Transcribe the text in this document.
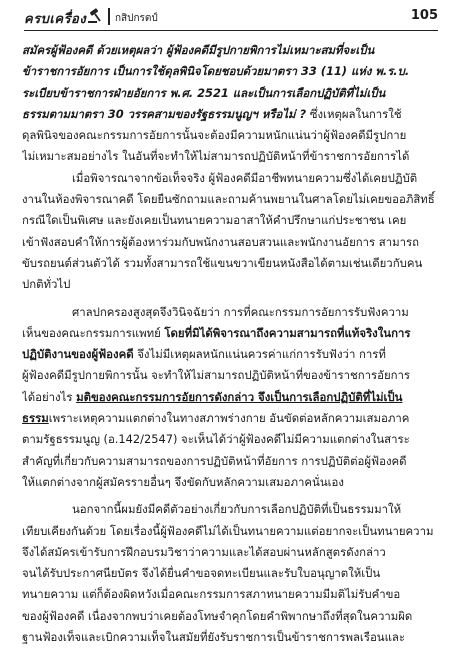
ครบเครื่อง	กสิปกรตป์	105
สมัครผู้ฟ้องคดี ด้วยเหตุผลว่า ผู้ฟ้องคดีมีรูปกายพิการไม่เหมาะสมที่จะเป็น
ข้าราชการอัยการ เป็นการใช้ดุลพินิจโดยชอบด้วยมาตรา 33 (11) แห่ง พ.ร.บ.
ระเบียบข้าราชการฝ่ายอัยการ พ.ศ. 2521 และเป็นการเลือกปฏิบัติที่ไม่เป็น
ธรรมตามมาตรา 30 วรรคสามของรัฐธรรมนูญฯ หรือไม่ ? ซึ่งเหตุผลในการใช้
ดุลพินิจของคณะกรรมการอัยการนั้นจะต้องมีความหนักแน่นว่าผู้ฟ้องคดีมีรูปกาย
ไม่เหมาะสมอย่างไร ในอันที่จะทำให้ไม่สามารถปฏิบัติหน้าที่ข้าราชการอัยการได้
เมื่อพิจารณาจากข้อเท็จจริง ผู้ฟ้องคดีมีอาชีพทนายความซึ่งได้เคยปฏิบัติ
งานในห้องพิจารณาคดี โดยยืนซักถามและถามค้านพยานในศาลโดยไม่เคยขออภิสิทธิ์
กรณีใดเป็นพิเศษ และยังเคยเป็นทนายความอาสาให้คำปรึกษาแก่ประชาชน เคย
เข้าฟังสอบคำให้การผู้ต้องหาร่วมกับพนักงานสอบสวนและพนักงานอัยการ สามารถ
ขับรถยนต์ส่วนตัวได้ รวมทั้งสามารถใช้แขนขวาเขียนหนังสือได้ตามเช่นเดียวกับคน
ปกติทั่วไป
ศาลปกครองสูงสุดจึงวินิจฉัยว่า การที่คณะกรรมการอัยการรับฟังความ
เห็นของคณะกรรมการแพทย์ โดยที่มิได้พิจารณาถึงความสามารถที่แท้จริงในการ
ปฏิบัติงานของผู้ฟ้องคดี จึงไม่มีเหตุผลหนักแน่นควรค่าแก่การรับฟังว่า การที่
ผู้ฟ้องคดีมีรูปกายพิการนั้น จะทำให้ไม่สามารถปฏิบัติหน้าที่ของข้าราชการอัยการ
ได้อย่างไร มติของคณะกรรมการอัยการดังกล่าว จึงเป็นการเลือกปฏิบัติที่ไม่เป็น
ธรรมเพราะเหตุความแตกต่างในทางสภาพร่างกาย อันขัดต่อหลักความเสมอภาค
ตามรัฐธรรมนูญ (อ.142/2547) จะเห็นได้ว่าผู้ฟ้องคดีไม่มีความแตกต่างในสาระ
สำคัญที่เกี่ยวกับความสามารถของการปฏิบัติหน้าที่อัยการ การปฏิบัติต่อผู้ฟ้องคดี
ให้แตกต่างจากผู้สมัครรายอื่นๆ จึงขัดกับหลักความเสมอภาคนั่นเอง
นอกจากนี้ผมยังมีคดีตัวอย่างเกี่ยวกับการเลือกปฏิบัติที่เป็นธรรมมาให้
เทียบเคียงกันด้วย โดยเรื่องนี้ผู้ฟ้องคดีไม่ได้เป็นทนายความแต่อยากจะเป็นทนายความ
จึงได้สมัครเข้ารับการฝึกอบรมวิชาว่าความและได้สอบผ่านหลักสูตรดังกล่าว
จนได้รับประกาศนียบัตร จึงได้ยื่นคำขอจดทะเบียนและรับใบอนุญาตให้เป็น
ทนายความ แต่ก็ต้องผิดหวังเมื่อคณะกรรมการสภาทนายความมีมติไม่รับคำขอ
ของผู้ฟ้องคดี เนื่องจากพบว่าเคยต้องโทษจำคุกโดยคำพิพากษาถึงที่สุดในความผิด
ฐานฟ้องเท็จและเบิกความเท็จในสมัยที่ยังรับราชการเป็นข้าราชการพลเรือนและ
